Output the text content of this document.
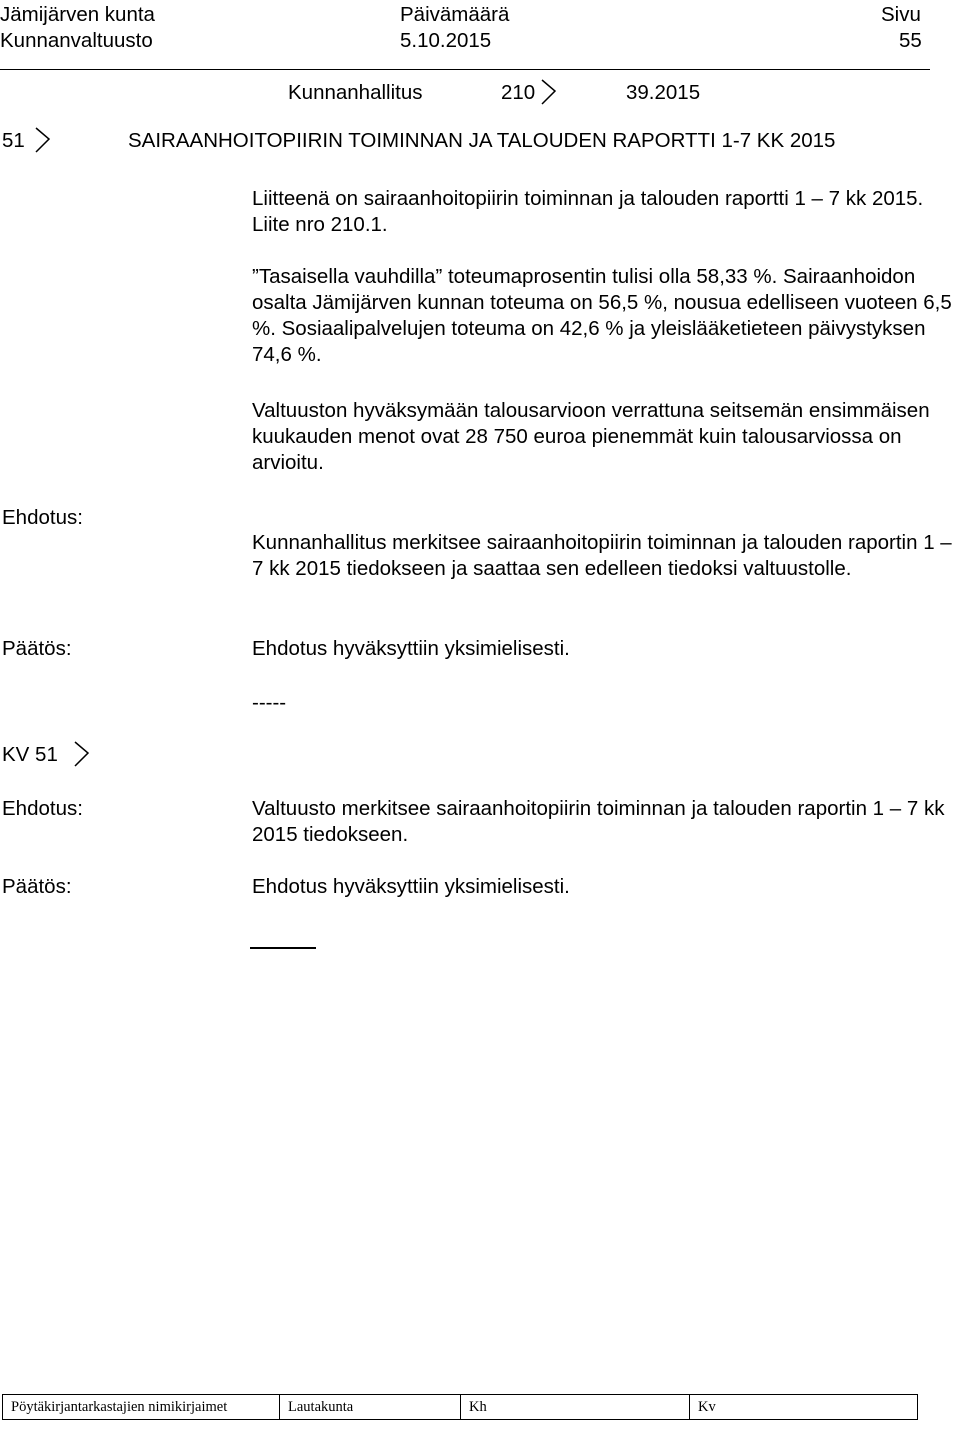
Jämijärven kunta	Päivämäärä	Sivu
Kunnanvaltuusto	5.10.2015	55
Kunnanhallitus	210	39.2015
51	SAIRAANHOITOPIIRIN TOIMINNAN JA TALOUDEN RAPORTTI 1-7 KK 2015
Liitteenä on sairaanhoitopiirin toiminnan ja talouden raportti 1 – 7 kk 2015. Liite nro 210.1.
”Tasaisella vauhdilla” toteumaprosentin tulisi olla 58,33 %. Sairaanhoidon osalta Jämijärven kunnan toteuma on 56,5 %, nousua edelliseen vuoteen 6,5 %. Sosiaalipalvelujen toteuma on 42,6 % ja yleislääketieteen päivystyksen 74,6 %.
Valtuuston hyväksymään talousarvioon verrattuna seitsemän ensimmäisen kuukauden menot ovat 28 750 euroa pienemmät kuin talousarviossa on arvioitu.
Ehdotus:
Kunnanhallitus merkitsee sairaanhoitopiirin toiminnan ja talouden raportin 1 – 7 kk 2015 tiedokseen ja saattaa sen edelleen tiedoksi valtuustolle.
Päätös:	Ehdotus hyväksyttiin yksimielisesti.
-----
KV 51
Ehdotus:	Valtuusto merkitsee sairaanhoitopiirin toiminnan ja talouden raportin 1 – 7 kk 2015 tiedokseen.
Päätös:	Ehdotus hyväksyttiin yksimielisesti.
Pöytäkirjantarkastajien nimikirjaimet	Lautakunta	Kh	Kv
